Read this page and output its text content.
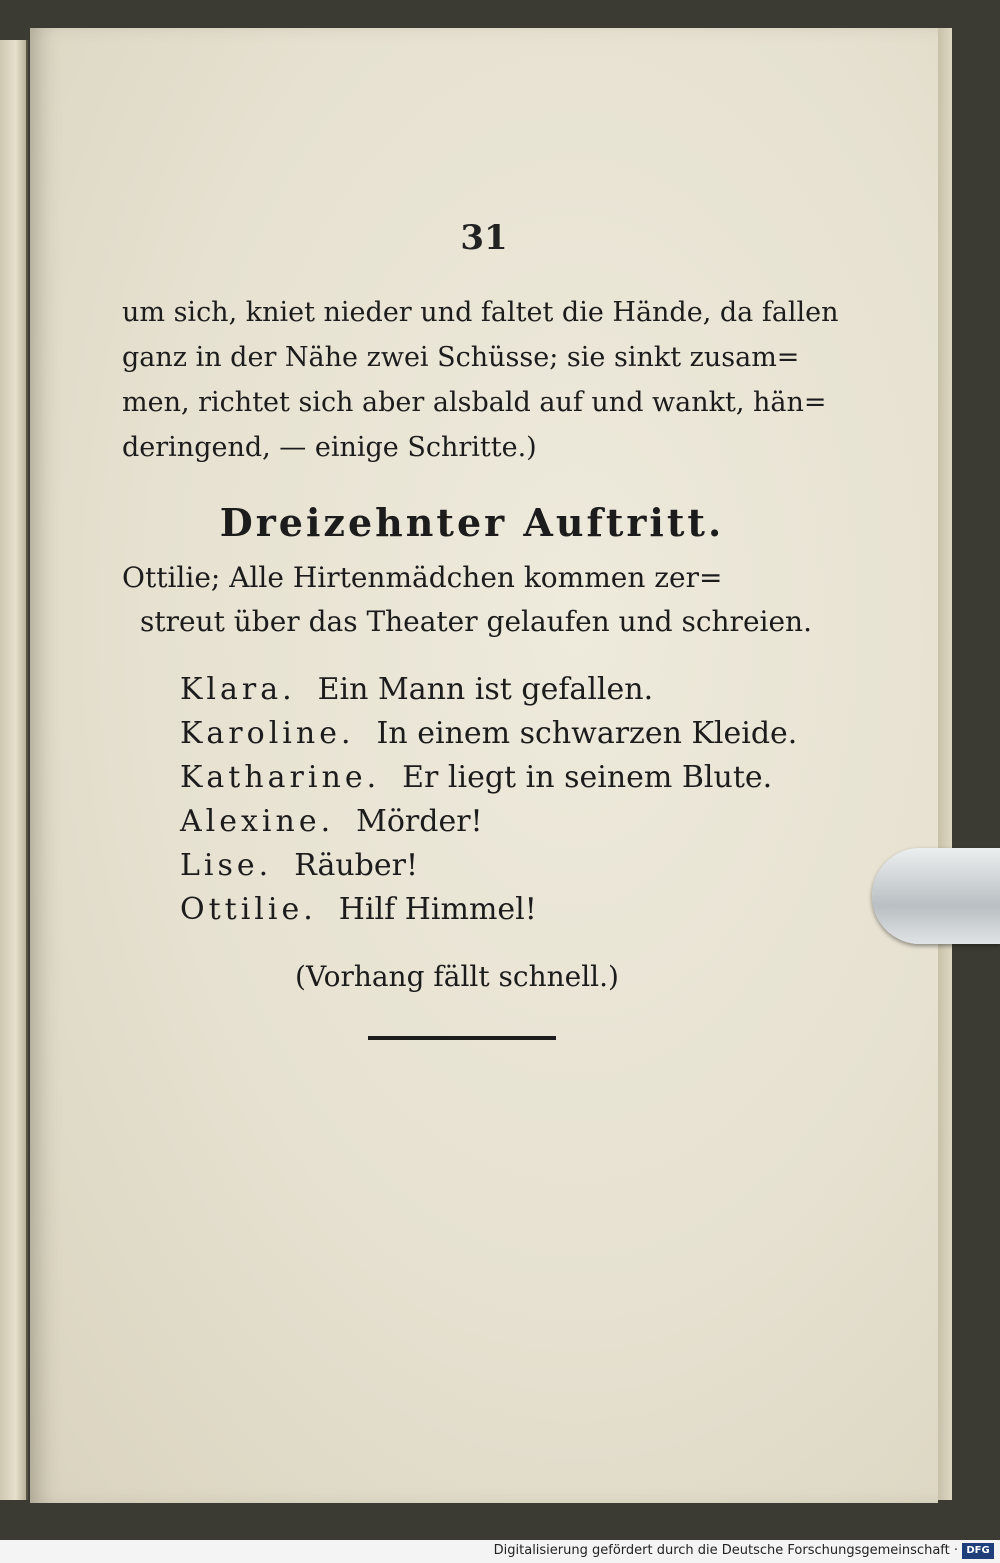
31

um sich, kniet nieder und faltet die Hände, da fallen

ganz in der Nähe zwei Schüsse; sie sinkt zusam=

men, richtet sich aber alsbald auf und wankt, hän=

deringend, — einige Schritte.)

Dreizehnter Auftritt.

Ottilie; Alle Hirtenmädchen kommen zer=

streut über das Theater gelaufen und schreien.

Klara. Ein Mann ist gefallen.
Karoline. In einem schwarzen Kleide.
Katharine. Er liegt in seinem Blute.
Alexine. Mörder!
Lise. Räuber!
Ottilie. Hilf Himmel!
(Vorhang fällt schnell.)
Digitalisierung gefördert durch die Deutsche Forschungsgemeinschaft · DFG
